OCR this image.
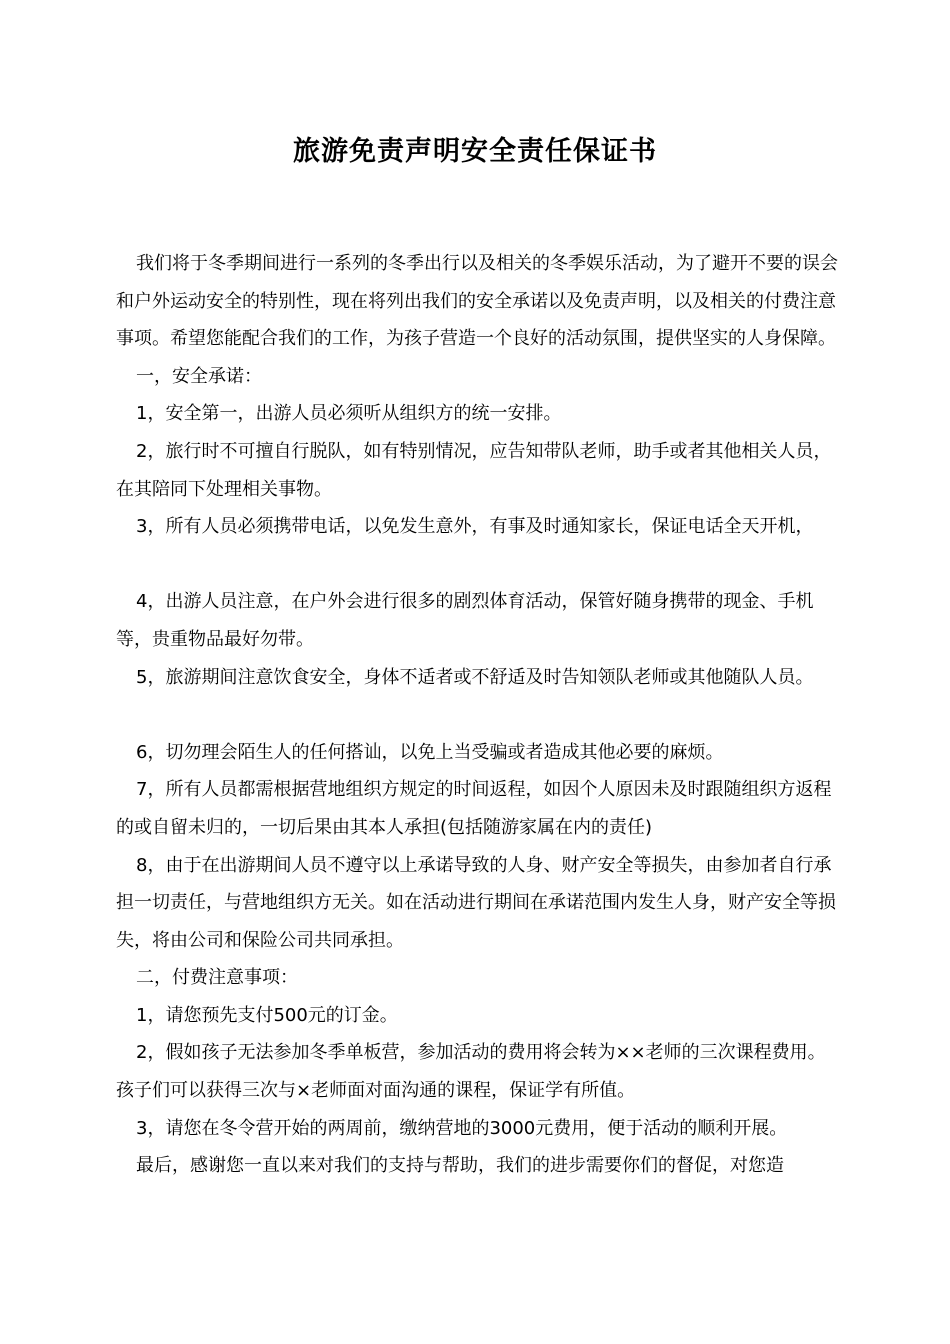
旅游免责声明安全责任保证书

我们将于冬季期间进行一系列的冬季出行以及相关的冬季娱乐活动，为了避开不要的误会和户外运动安全的特别性，现在将列出我们的安全承诺以及免责声明，以及相关的付费注意事项。希望您能配合我们的工作，为孩子营造一个良好的活动氛围，提供坚实的人身保障。

一，安全承诺：

1，安全第一，出游人员必须听从组织方的统一安排。

2，旅行时不可擅自行脱队，如有特别情况，应告知带队老师，助手或者其他相关人员，在其陪同下处理相关事物。

3，所有人员必须携带电话，以免发生意外，有事及时通知家长，保证电话全天开机，

4，出游人员注意，在户外会进行很多的剧烈体育活动，保管好随身携带的现金、手机等，贵重物品最好勿带。

5，旅游期间注意饮食安全，身体不适者或不舒适及时告知领队老师或其他随队人员。

6，切勿理会陌生人的任何搭讪，以免上当受骗或者造成其他必要的麻烦。

7，所有人员都需根据营地组织方规定的时间返程，如因个人原因未及时跟随组织方返程的或自留未归的，一切后果由其本人承担(包括随游家属在内的责任)

8，由于在出游期间人员不遵守以上承诺导致的人身、财产安全等损失，由参加者自行承担一切责任，与营地组织方无关。如在活动进行期间在承诺范围内发生人身，财产安全等损失，将由公司和保险公司共同承担。

二，付费注意事项：

1，请您预先支付500元的订金。

2，假如孩子无法参加冬季单板营，参加活动的费用将会转为××老师的三次课程费用。孩子们可以获得三次与×老师面对面沟通的课程，保证学有所值。

3，请您在冬令营开始的两周前，缴纳营地的3000元费用，便于活动的顺利开展。

最后，感谢您一直以来对我们的支持与帮助，我们的进步需要你们的督促，对您造
